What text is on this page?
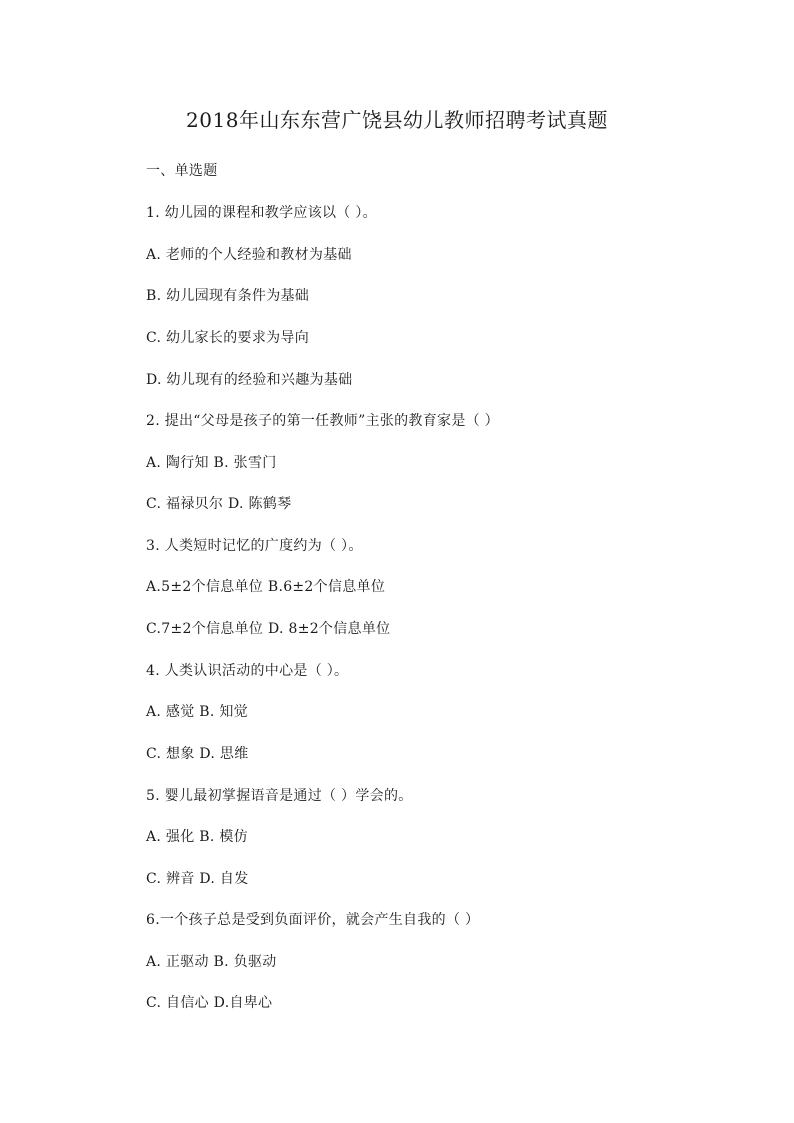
2018年山东东营广饶县幼儿教师招聘考试真题
一、单选题
1. 幼儿园的课程和教学应该以（ ）。
A. 老师的个人经验和教材为基础
B. 幼儿园现有条件为基础
C. 幼儿家长的要求为导向
D. 幼儿现有的经验和兴趣为基础
2. 提出“父母是孩子的第一任教师”主张的教育家是（ ）
A. 陶行知 B. 张雪门
C. 福禄贝尔 D. 陈鹤琴
3. 人类短时记忆的广度约为（ ）。
A.5±2个信息单位 B.6±2个信息单位
C.7±2个信息单位 D. 8±2个信息单位
4. 人类认识活动的中心是（ ）。
A. 感觉 B. 知觉
C. 想象 D. 思维
5. 婴儿最初掌握语音是通过（ ）学会的。
A. 强化 B. 模仿
C. 辨音 D. 自发
6.一个孩子总是受到负面评价，就会产生自我的（ ）
A. 正驱动 B. 负驱动
C. 自信心 D.自卑心
